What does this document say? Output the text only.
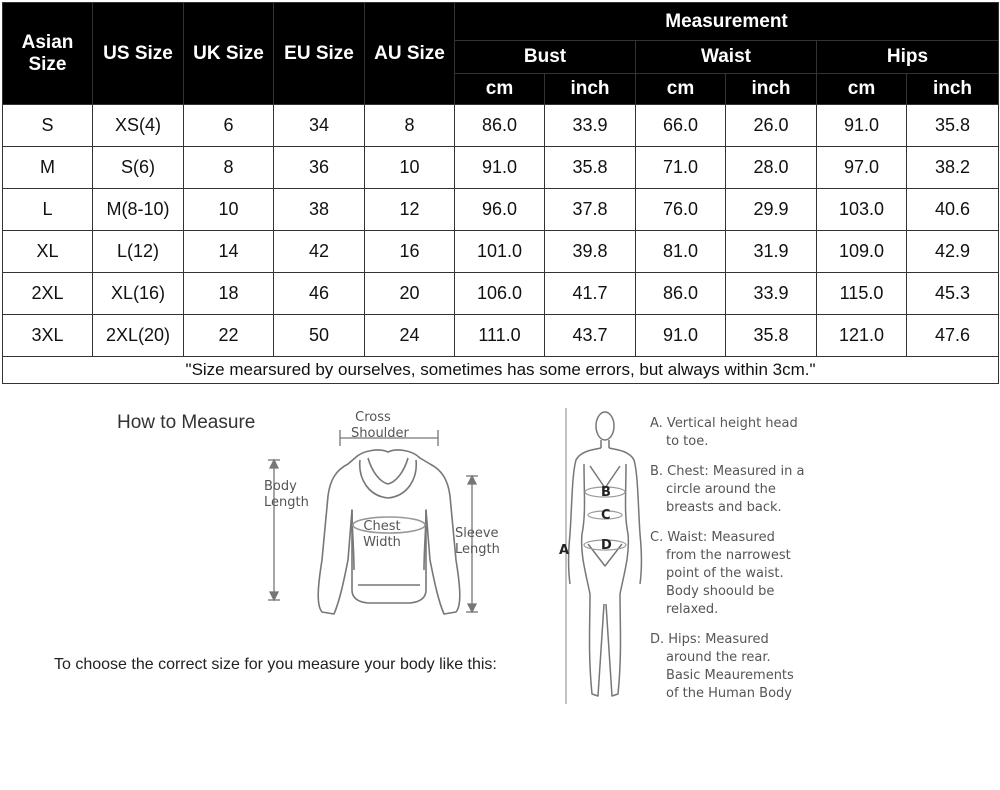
Asian Size	US Size	UK Size	EU Size	AU Size	Measurement					
					Bust		Waist		Hips	
					cm	inch	cm	inch	cm	inch
S	XS(4)	6	34	8	86.0	33.9	66.0	26.0	91.0	35.8
M	S(6)	8	36	10	91.0	35.8	71.0	28.0	97.0	38.2
L	M(8-10)	10	38	12	96.0	37.8	76.0	29.9	103.0	40.6
XL	L(12)	14	42	16	101.0	39.8	81.0	31.9	109.0	42.9
2XL	XL(16)	18	46	20	106.0	41.7	86.0	33.9	115.0	45.3
3XL	2XL(20)	22	50	24	111.0	43.7	91.0	35.8	121.0	47.6
"Size mearsured by ourselves, sometimes has some errors, but always within 3cm."										
How to Measure
To choose the correct size for you measure your body like this:
Cross
Shoulder
Body
Length
Chest
Width
Sleeve
Length	A
B
C
D

A. Vertical height head
to toe.

B. Chest: Measured in a
circle around the
breasts and back.

C. Waist: Measured
from the narrowest
point of the waist.
Body shoould be
relaxed.

D. Hips: Measured
around the rear.
Basic Meaurements
of the Human Body
